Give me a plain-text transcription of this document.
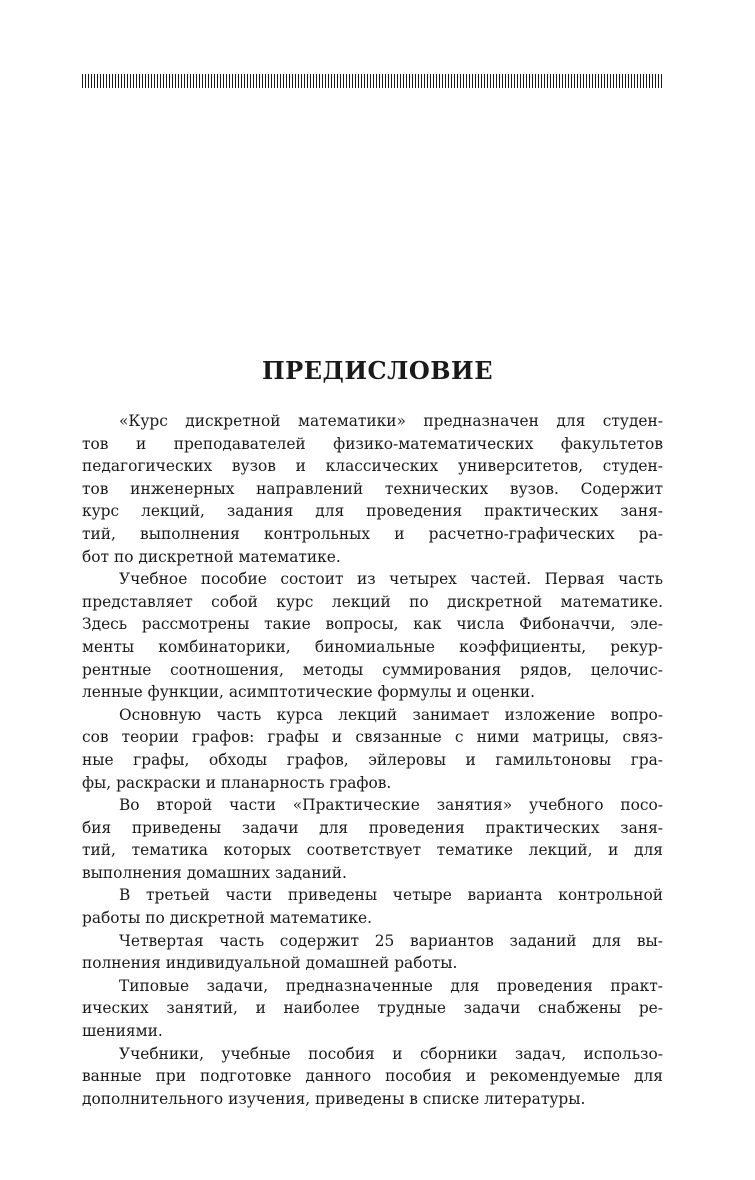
ПРЕДИСЛОВИЕ

«Курс дискретной математики» предназначен для студен-
тов и преподавателей физико-математических факультетов
педагогических вузов и классических университетов, студен-
тов инженерных направлений технических вузов. Содержит
курс лекций, задания для проведения практических заня-
тий, выполнения контрольных и расчетно-графических ра-
бот по дискретной математике.

Учебное пособие состоит из четырех частей. Первая часть
представляет собой курс лекций по дискретной математике.
Здесь рассмотрены такие вопросы, как числа Фибоначчи, эле-
менты комбинаторики, биномиальные коэффициенты, рекур-
рентные соотношения, методы суммирования рядов, целочис-
ленные функции, асимптотические формулы и оценки.

Основную часть курса лекций занимает изложение вопро-
сов теории графов: графы и связанные с ними матрицы, связ-
ные графы, обходы графов, эйлеровы и гамильтоновы гра-
фы, раскраски и планарность графов.

Во второй части «Практические занятия» учебного посо-
бия приведены задачи для проведения практических заня-
тий, тематика которых соответствует тематике лекций, и для
выполнения домашних заданий.

В третьей части приведены четыре варианта контрольной
работы по дискретной математике.

Четвертая часть содержит 25 вариантов заданий для вы-
полнения индивидуальной домашней работы.

Типовые задачи, предназначенные для проведения практ-
ических занятий, и наиболее трудные задачи снабжены ре-
шениями.

Учебники, учебные пособия и сборники задач, использо-
ванные при подготовке данного пособия и рекомендуемые для
дополнительного изучения, приведены в списке литературы.
